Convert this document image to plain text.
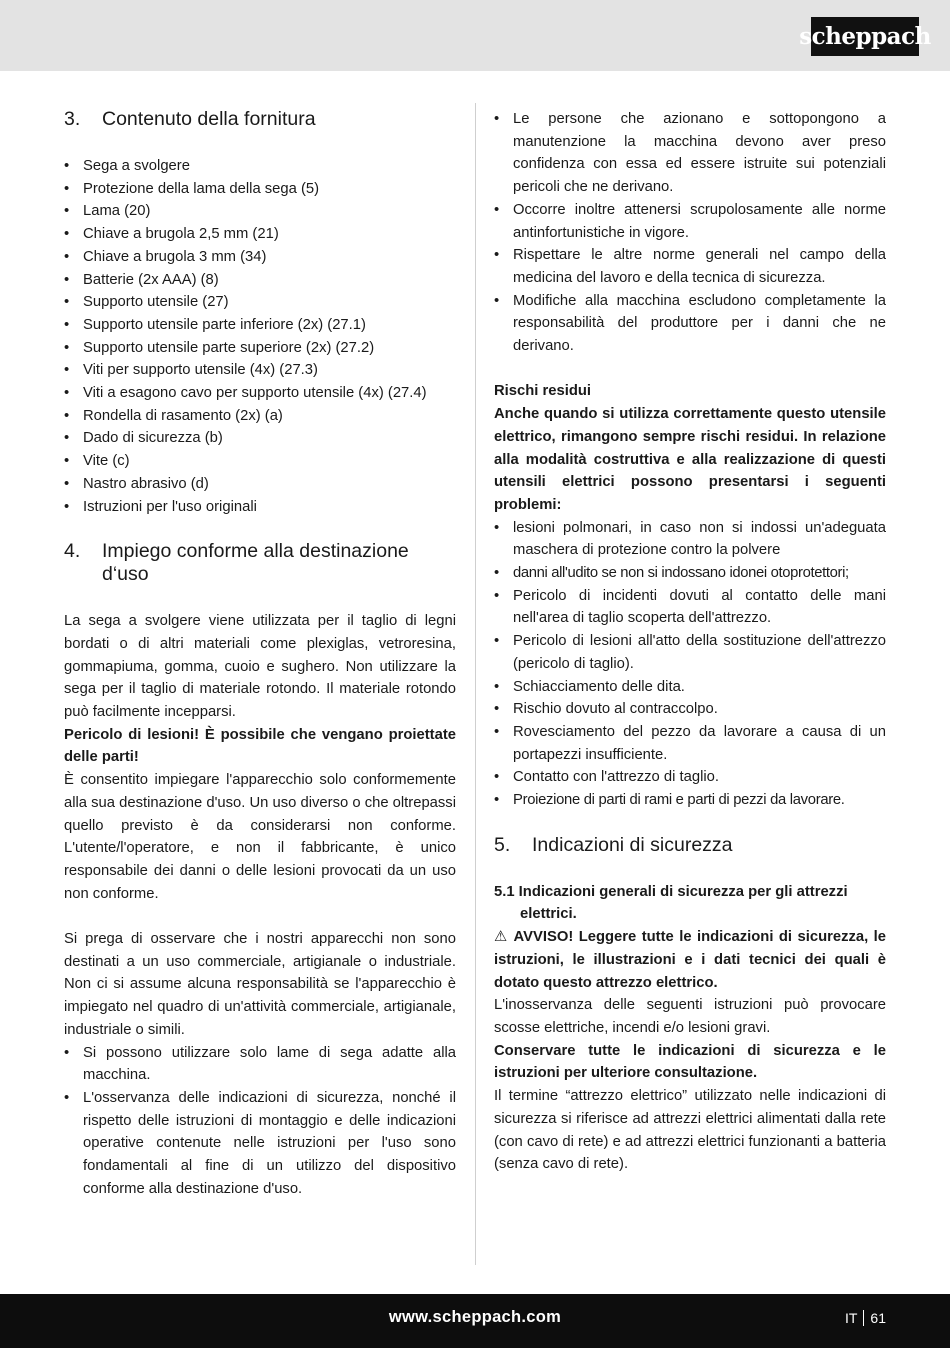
scheppach
3.	Contenuto della fornitura
• Sega a svolgere
• Protezione della lama della sega (5)
• Lama (20)
• Chiave a brugola 2,5 mm (21)
• Chiave a brugola 3 mm (34)
• Batterie (2x AAA) (8)
• Supporto utensile (27)
• Supporto utensile parte inferiore (2x) (27.1)
• Supporto utensile parte superiore (2x) (27.2)
• Viti per supporto utensile (4x) (27.3)
• Viti a esagono cavo per supporto utensile (4x) (27.4)
• Rondella di rasamento (2x) (a)
• Dado di sicurezza (b)
• Vite (c)
• Nastro abrasivo (d)
• Istruzioni per l'uso originali
4.	Impiego conforme alla destinazione d‘uso

La sega a svolgere viene utilizzata per il taglio di legni bordati o di altri materiali come plexiglas, vetroresina, gommapiuma, gomma, cuoio e sughero. Non utilizzare la sega per il taglio di materiale rotondo. Il materiale rotondo può facilmente incepparsi.

Pericolo di lesioni! È possibile che vengano proiettate delle parti!

È consentito impiegare l'apparecchio solo conformemente alla sua destinazione d'uso. Un uso diverso o che oltrepassi quello previsto è da considerarsi non conforme. L'utente/l'operatore, e non il fabbricante, è unico responsabile dei danni o delle lesioni provocati da un uso non conforme.

Si prega di osservare che i nostri apparecchi non sono destinati a un uso commerciale, artigianale o industriale. Non ci si assume alcuna responsabilità se l'apparecchio è impiegato nel quadro di un'attività commerciale, artigianale, industriale o simili.

• Si possono utilizzare solo lame di sega adatte alla macchina.
• L'osservanza delle indicazioni di sicurezza, nonché il rispetto delle istruzioni di montaggio e delle indicazioni operative contenute nelle istruzioni per l'uso sono fondamentali al fine di un utilizzo del dispositivo conforme alla destinazione d'uso.
• Le persone che azionano e sottopongono a manutenzione la macchina devono aver preso confidenza con essa ed essere istruite sui potenziali pericoli che ne derivano.
• Occorre inoltre attenersi scrupolosamente alle norme antinfortunistiche in vigore.
• Rispettare le altre norme generali nel campo della medicina del lavoro e della tecnica di sicurezza.
• Modifiche alla macchina escludono completamente la responsabilità del produttore per i danni che ne derivano.

Rischi residui

Anche quando si utilizza correttamente questo utensile elettrico, rimangono sempre rischi residui. In relazione alla modalità costruttiva e alla realizzazione di questi utensili elettrici possono presentarsi i seguenti problemi:

• lesioni polmonari, in caso non si indossi un'adeguata maschera di protezione contro la polvere
• danni all'udito se non si indossano idonei otoprotettori;
• Pericolo di incidenti dovuti al contatto delle mani nell'area di taglio scoperta dell'attrezzo.
• Pericolo di lesioni all'atto della sostituzione dell'attrezzo (pericolo di taglio).
• Schiacciamento delle dita.
• Rischio dovuto al contraccolpo.
• Rovesciamento del pezzo da lavorare a causa di un portapezzi insufficiente.
• Contatto con l'attrezzo di taglio.
• Proiezione di parti di rami e parti di pezzi da lavorare.
5.	Indicazioni di sicurezza

5.1 Indicazioni generali di sicurezza per gli attrezzi elettrici.

⚠ AVVISO! Leggere tutte le indicazioni di sicurezza, le istruzioni, le illustrazioni e i dati tecnici dei quali è dotato questo attrezzo elettrico.

L'inosservanza delle seguenti istruzioni può provocare scosse elettriche, incendi e/o lesioni gravi.

Conservare tutte le indicazioni di sicurezza e le istruzioni per ulteriore consultazione.

Il termine “attrezzo elettrico” utilizzato nelle indicazioni di sicurezza si riferisce ad attrezzi elettrici alimentati dalla rete (con cavo di rete) e ad attrezzi elettrici funzionanti a batteria (senza cavo di rete).

www.scheppach.com	IT 61
